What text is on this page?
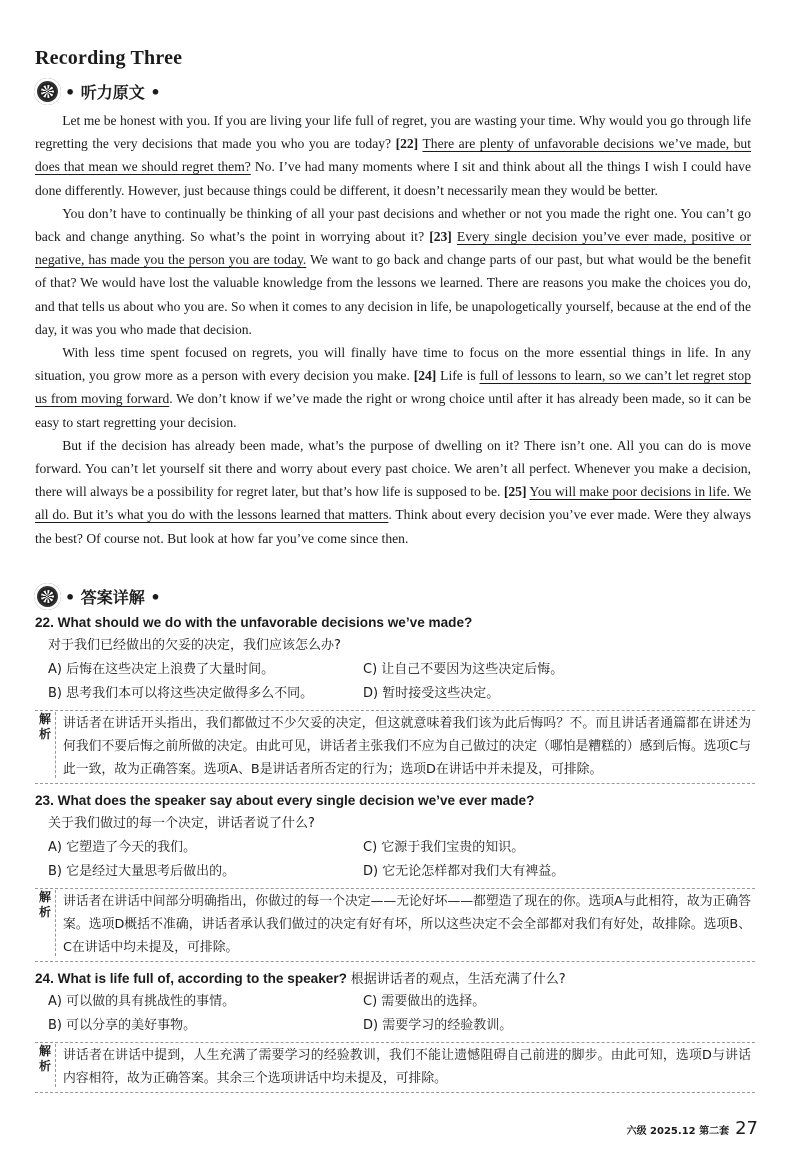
Recording Three
• 听力原文 •

Let me be honest with you. If you are living your life full of regret, you are wasting your time. Why would you go through life regretting the very decisions that made you who you are today? [22] There are plenty of unfavorable decisions we’ve made, but does that mean we should regret them? No. I’ve had many moments where I sit and think about all the things I wish I could have done differently. However, just because things could be different, it doesn’t necessarily mean they would be better.

You don’t have to continually be thinking of all your past decisions and whether or not you made the right one. You can’t go back and change anything. So what’s the point in worrying about it? [23] Every single decision you’ve ever made, positive or negative, has made you the person you are today. We want to go back and change parts of our past, but what would be the benefit of that? We would have lost the valuable knowledge from the lessons we learned. There are reasons you make the choices you do, and that tells us about who you are. So when it comes to any decision in life, be unapologetically yourself, because at the end of the day, it was you who made that decision.

With less time spent focused on regrets, you will finally have time to focus on the more essential things in life. In any situation, you grow more as a person with every decision you make. [24] Life is full of lessons to learn, so we can’t let regret stop us from moving forward. We don’t know if we’ve made the right or wrong choice until after it has already been made, so it can be easy to start regretting your decision.

But if the decision has already been made, what’s the purpose of dwelling on it? There isn’t one. All you can do is move forward. You can’t let yourself sit there and worry about every past choice. We aren’t all perfect. Whenever you make a decision, there will always be a possibility for regret later, but that’s how life is supposed to be. [25] You will make poor decisions in life. We all do. But it’s what you do with the lessons learned that matters. Think about every decision you’ve ever made. Were they always the best? Of course not. But look at how far you’ve come since then.

• 答案详解 •
22. What should we do with the unfavorable decisions we’ve made?
对于我们已经做出的欠妥的决定，我们应该怎么办?
A) 后悔在这些决定上浪费了大量时间。	C) 让自己不要因为这些决定后悔。
B) 思考我们本可以将这些决定做得多么不同。	D) 暂时接受这些决定。
解析
讲话者在讲话开头指出，我们都做过不少欠妥的决定，但这就意味着我们该为此后悔吗？不。而且讲话者通篇都在讲述为何我们不要后悔之前所做的决定。由此可见，讲话者主张我们不应为自己做过的决定（哪怕是糟糕的）感到后悔。选项C与此一致，故为正确答案。选项A、B是讲话者所否定的行为；选项D在讲话中并未提及，可排除。
23. What does the speaker say about every single decision we’ve ever made?
关于我们做过的每一个决定，讲话者说了什么?
A) 它塑造了今天的我们。	C) 它源于我们宝贵的知识。
B) 它是经过大量思考后做出的。	D) 它无论怎样都对我们大有裨益。
解析
讲话者在讲话中间部分明确指出，你做过的每一个决定——无论好坏——都塑造了现在的你。选项A与此相符，故为正确答案。选项D概括不准确，讲话者承认我们做过的决定有好有坏，所以这些决定不会全部都对我们有好处，故排除。选项B、C在讲话中均未提及，可排除。
24. What is life full of, according to the speaker? 根据讲话者的观点，生活充满了什么?
A) 可以做的具有挑战性的事情。	C) 需要做出的选择。
B) 可以分享的美好事物。	D) 需要学习的经验教训。
解析
讲话者在讲话中提到，人生充满了需要学习的经验教训，我们不能让遗憾阻碍自己前进的脚步。由此可知，选项D与讲话内容相符，故为正确答案。其余三个选项讲话中均未提及，可排除。
六级 2025.12 第二套 27
